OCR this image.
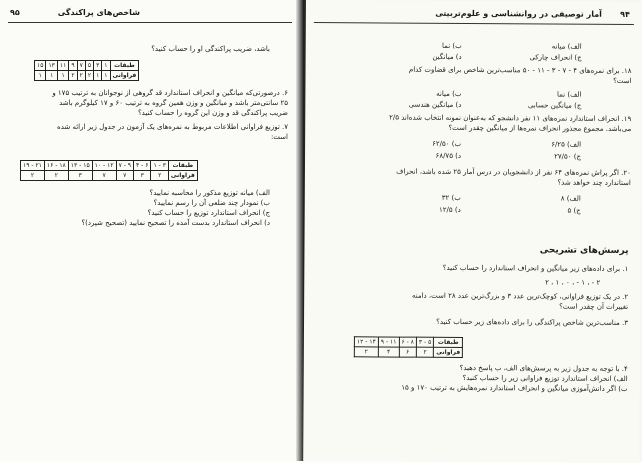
۹۵	شاخص‌های پراکندگی
باشد، ضریب پراکندگی او را حساب کنید؟
طبقات	۱	۳	۵	۷	۹	۱۱	۱۳	۱۵
فراوانی	۱	۱	۲	۲	۲	۱	۱	۱
۶. درصورتی‌که میانگین و انحراف استاندارد قد گروهی از نوجوانان به ترتیب ۱۷۵ و
۲۵ سانتی‌متر باشد و میانگین و وزن همین گروه به ترتیب ۶۰ و ۱۷ کیلوگرم باشد
ضریب پراکندگی قد و وزن این گروه را حساب کنید؟
۷. توزیع فراوانی اطلاعات مربوط به نمره‌های یک آزمون در جدول زیر ارائه شده
است:
طبقات	۳ - ۱	۶ - ۴	۹ - ۷	۱۲ - ۱۰	۱۵ - ۱۳	۱۸ - ۱۶	۲۱ - ۱۹
فراوانی	۲	۳	۷	۷	۳	۲	۲
الف) میانه توزیع مذکور را محاسبه نمایید؟
ب) نمودار چند ضلعی آن را رسم نمایید؟
ج) انحراف استاندارد توزیع را حساب کنید؟
د) انحراف استاندارد بدست آمده را تصحیح نمایید (تصحیح شپرد)؟
۹۴
آمار توصیفی در روانشناسی و علوم‌تربیتی
الف) میانه
ب) نما
ج) انحراف چارکی
د) میانگین
۱۸. برای نمره‌های ۴ - ۷ - ۳ - ۱۱ - ۵۰ مناسب‌ترین شاخص برای قضاوت کدام
است؟
الف) نما
ب) میانه
ج) میانگین حسابی
د) میانگین هندسی
۱۹. انحراف استاندارد نمره‌های ۱۱ نفر دانشجو که به‌عنوان نمونه انتخاب شده‌اند ۲/۵
می‌باشد. مجموع مجذور انحراف نمره‌ها از میانگین چقدر است؟
الف) ۶/۲۵
ب) ۶۲/۵۰
ج) ۲۷/۵۰
د) ۶۸/۷۵
۲۰. اگر پراش نمره‌های ۶۴ نفر از دانشجویان در درس آمار ۲۵ شده باشد، انحراف
استاندارد چند خواهد شد؟
الف) ۸
ب) ۳۲
ج) ۵
د) ۱۲/۵
پرسش‌های تشریحی
۱. برای داده‌های زیر میانگین و انحراف استاندارد را حساب کنید؟
۲ - ، ۱ - ، ۰ ، ۱ ، ۲
۲. در یک توزیع فراوانی، کوچک‌ترین عدد ۳ و بزرگ‌ترین عدد ۲۸ است، دامنه
تغییرات آن چقدر است؟
۳. مناسب‌ترین شاخص پراکندگی را برای داده‌های زیر حساب کنید؟
طبقات	۵ - ۳	۸ - ۶	۱۱ - ۹	۱۴ - ۱۲
فراوانی	۲	۶	۴	۲
۴. با توجه به جدول زیر به پرسش‌های الف، ب پاسخ دهید؟
الف) انحراف استاندارد توزیع فراوانی زیر را حساب کنید؟
ب) اگر دانش‌آموزی میانگین و انحراف استاندارد نمره‌هایش به ترتیب ۱۷۰ و ۱۵
